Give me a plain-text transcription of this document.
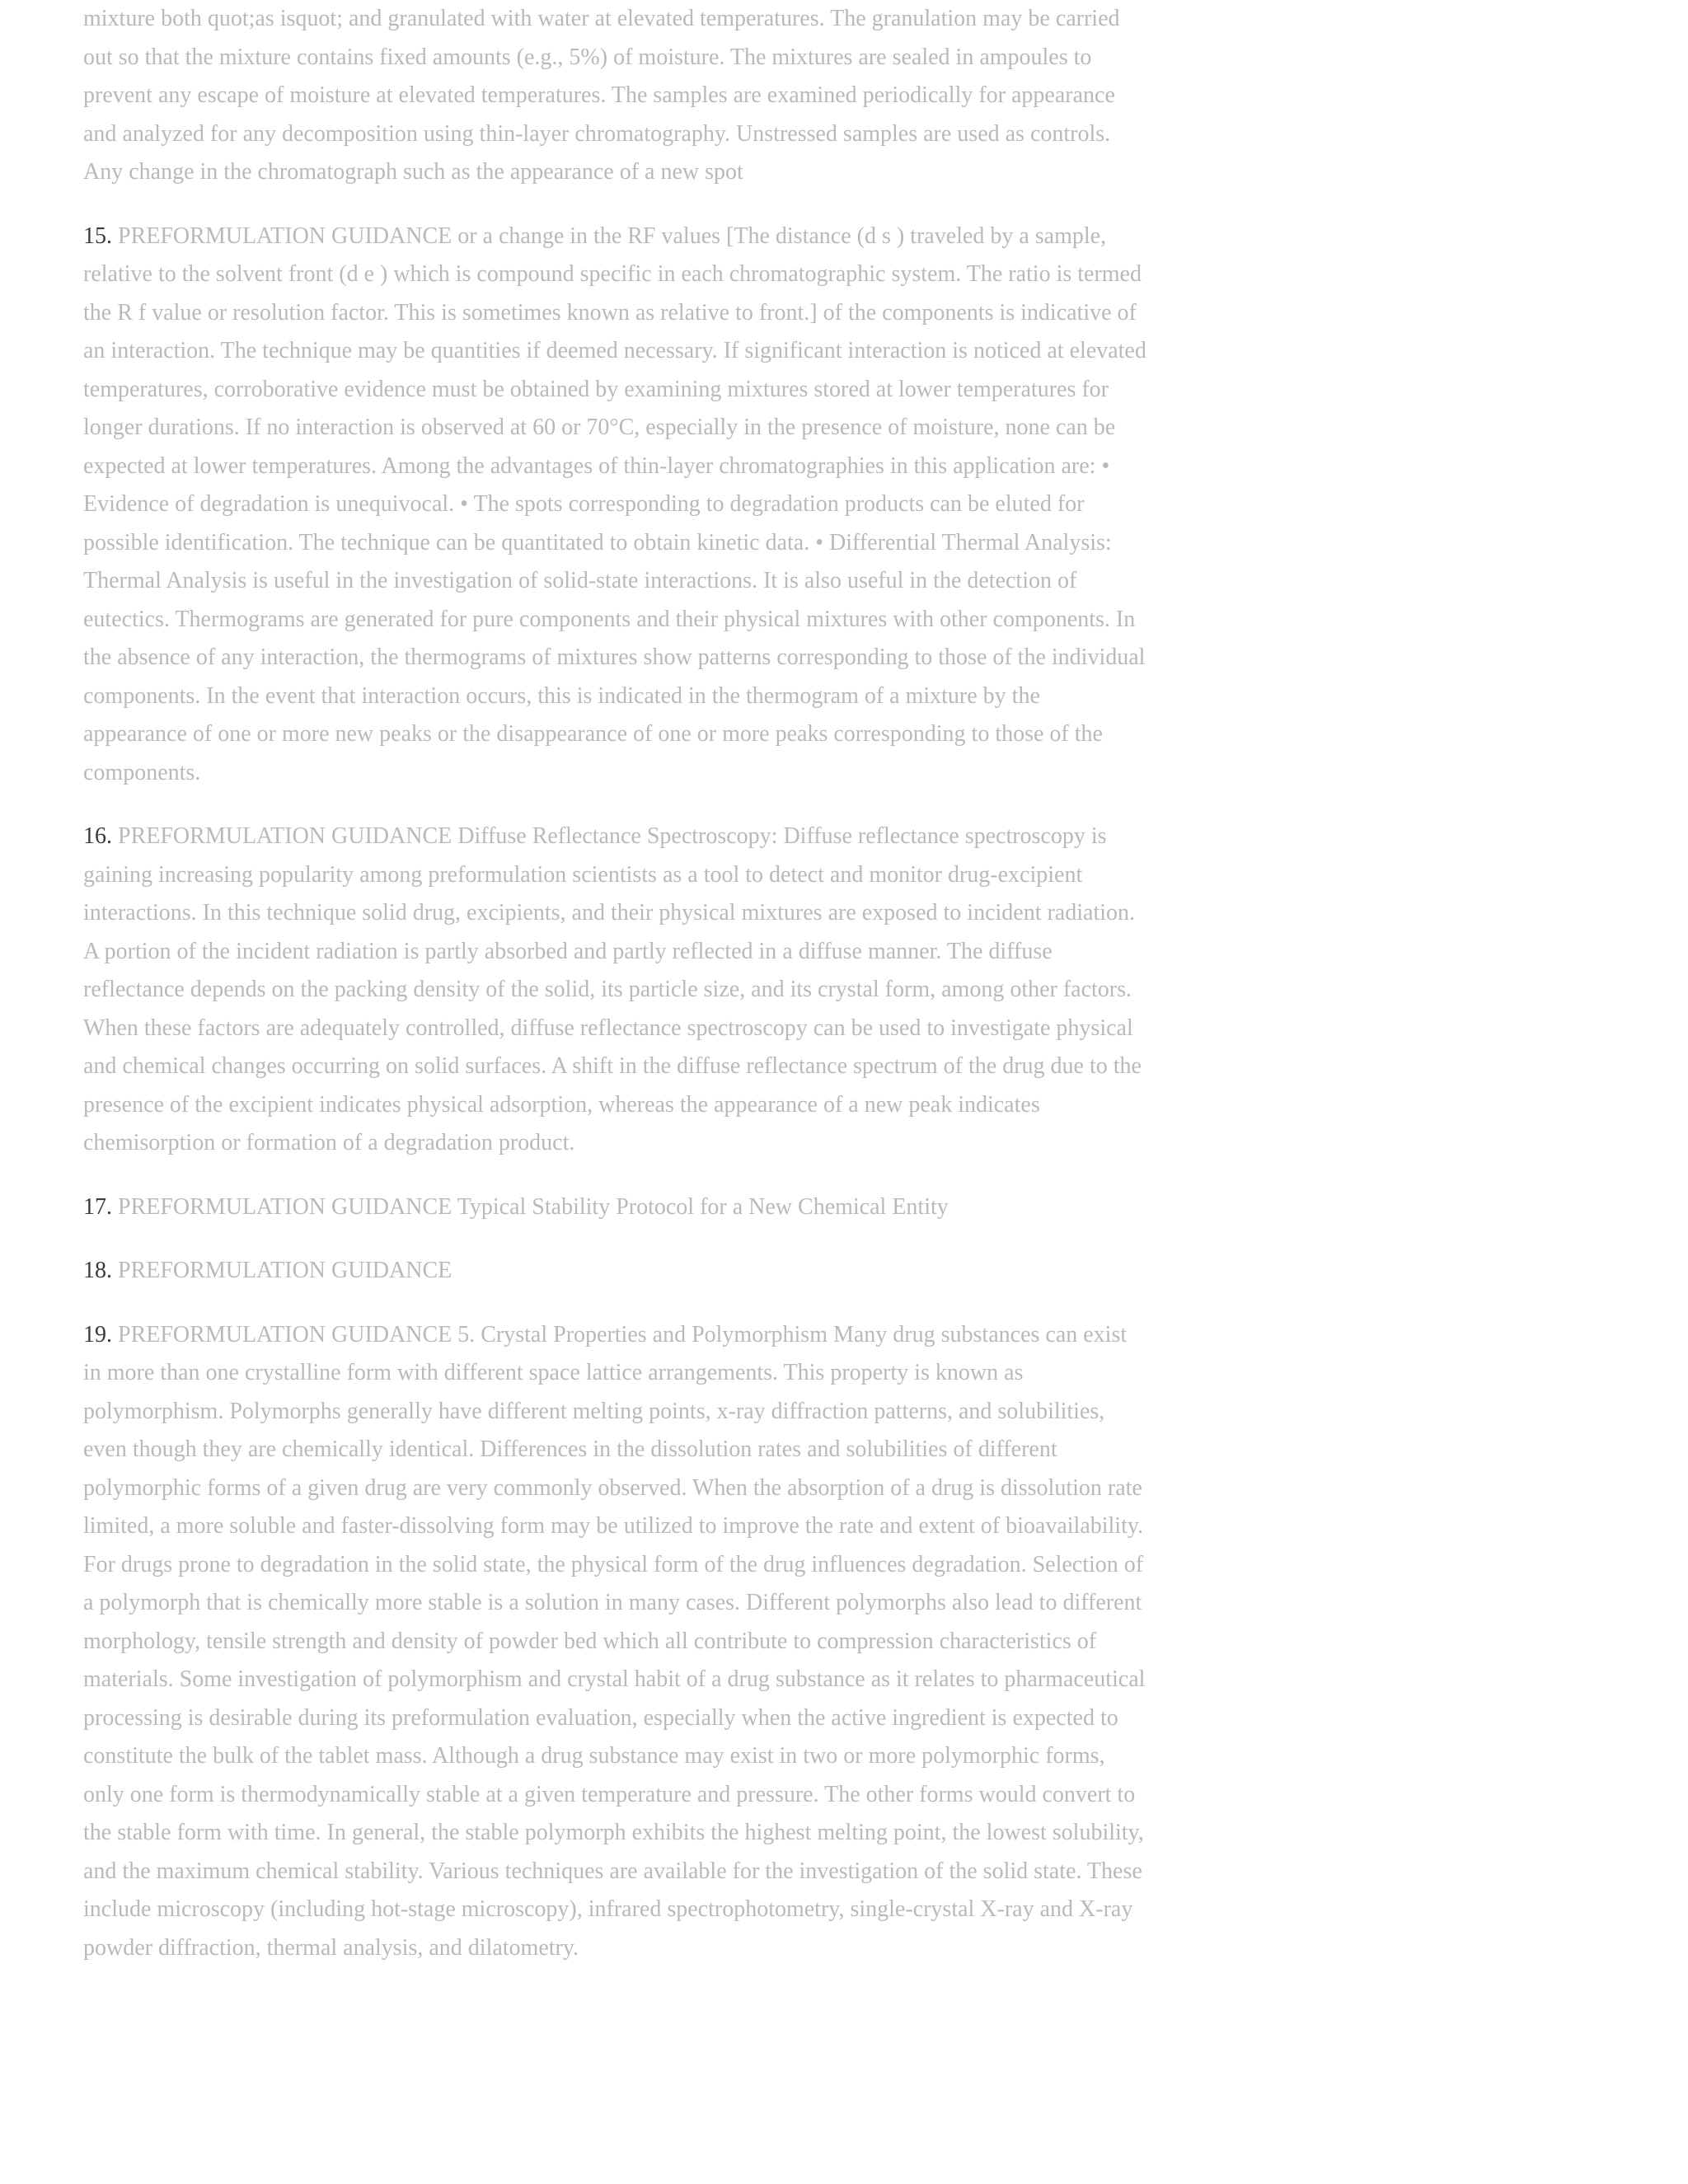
mixture both quot;as isquot; and granulated with water at elevated temperatures. The granulation may be carried out so that the mixture contains fixed amounts (e.g., 5%) of moisture. The mixtures are sealed in ampoules to prevent any escape of moisture at elevated temperatures. The samples are examined periodically for appearance and analyzed for any decomposition using thin-layer chromatography. Unstressed samples are used as controls. Any change in the chromatograph such as the appearance of a new spot

15. PREFORMULATION GUIDANCE or a change in the RF values [The distance (d s ) traveled by a sample, relative to the solvent front (d e ) which is compound specific in each chromatographic system. The ratio is termed the R f value or resolution factor. This is sometimes known as relative to front.] of the components is indicative of an interaction. The technique may be quantities if deemed necessary. If significant interaction is noticed at elevated temperatures, corroborative evidence must be obtained by examining mixtures stored at lower temperatures for longer durations. If no interaction is observed at 60 or 70°C, especially in the presence of moisture, none can be expected at lower temperatures. Among the advantages of thin-layer chromatographies in this application are: • Evidence of degradation is unequivocal. • The spots corresponding to degradation products can be eluted for possible identification. The technique can be quantitated to obtain kinetic data. • Differential Thermal Analysis: Thermal Analysis is useful in the investigation of solid-state interactions. It is also useful in the detection of eutectics. Thermograms are generated for pure components and their physical mixtures with other components. In the absence of any interaction, the thermograms of mixtures show patterns corresponding to those of the individual components. In the event that interaction occurs, this is indicated in the thermogram of a mixture by the appearance of one or more new peaks or the disappearance of one or more peaks corresponding to those of the components.

16. PREFORMULATION GUIDANCE Diffuse Reflectance Spectroscopy: Diffuse reflectance spectroscopy is gaining increasing popularity among preformulation scientists as a tool to detect and monitor drug-excipient interactions. In this technique solid drug, excipients, and their physical mixtures are exposed to incident radiation. A portion of the incident radiation is partly absorbed and partly reflected in a diffuse manner. The diffuse reflectance depends on the packing density of the solid, its particle size, and its crystal form, among other factors. When these factors are adequately controlled, diffuse reflectance spectroscopy can be used to investigate physical and chemical changes occurring on solid surfaces. A shift in the diffuse reflectance spectrum of the drug due to the presence of the excipient indicates physical adsorption, whereas the appearance of a new peak indicates chemisorption or formation of a degradation product.

17. PREFORMULATION GUIDANCE Typical Stability Protocol for a New Chemical Entity

18. PREFORMULATION GUIDANCE

19. PREFORMULATION GUIDANCE 5. Crystal Properties and Polymorphism Many drug substances can exist in more than one crystalline form with different space lattice arrangements. This property is known as polymorphism. Polymorphs generally have different melting points, x-ray diffraction patterns, and solubilities, even though they are chemically identical. Differences in the dissolution rates and solubilities of different polymorphic forms of a given drug are very commonly observed. When the absorption of a drug is dissolution rate limited, a more soluble and faster-dissolving form may be utilized to improve the rate and extent of bioavailability. For drugs prone to degradation in the solid state, the physical form of the drug influences degradation. Selection of a polymorph that is chemically more stable is a solution in many cases. Different polymorphs also lead to different morphology, tensile strength and density of powder bed which all contribute to compression characteristics of materials. Some investigation of polymorphism and crystal habit of a drug substance as it relates to pharmaceutical processing is desirable during its preformulation evaluation, especially when the active ingredient is expected to constitute the bulk of the tablet mass. Although a drug substance may exist in two or more polymorphic forms, only one form is thermodynamically stable at a given temperature and pressure. The other forms would convert to the stable form with time. In general, the stable polymorph exhibits the highest melting point, the lowest solubility, and the maximum chemical stability. Various techniques are available for the investigation of the solid state. These include microscopy (including hot-stage microscopy), infrared spectrophotometry, single-crystal X-ray and X-ray powder diffraction, thermal analysis, and dilatometry.
